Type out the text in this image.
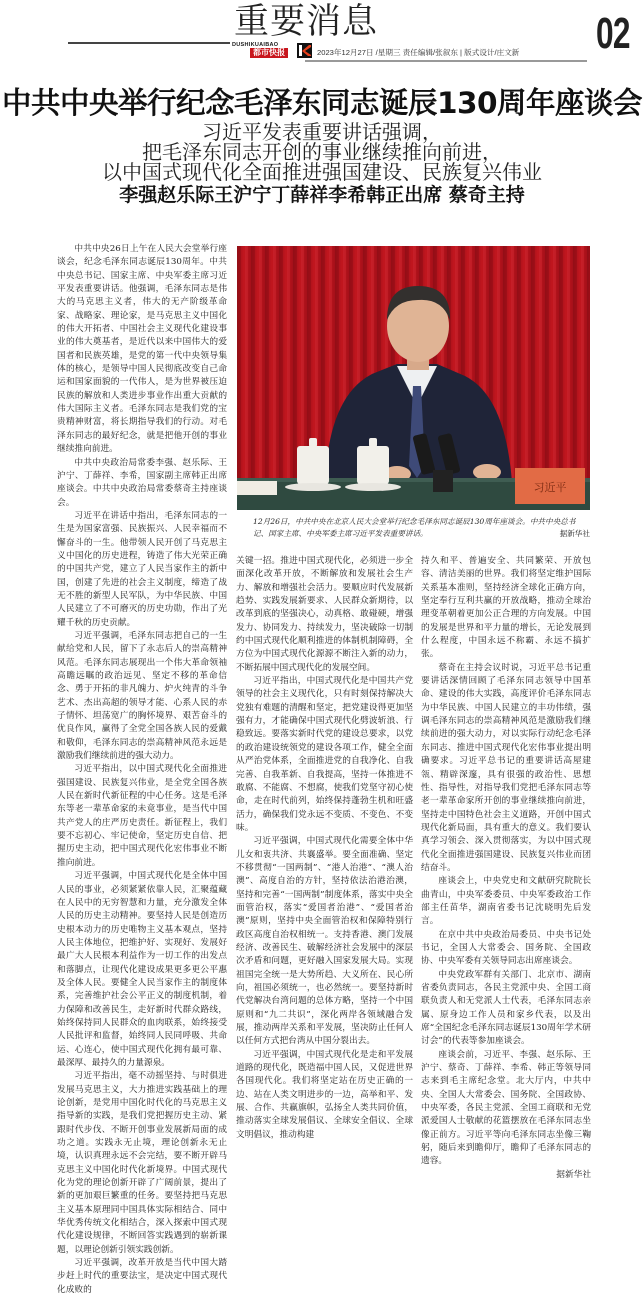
重要消息
DUSHIKUAIBAO
都市快报	2023年12月27日 /星期三 责任编辑/张叙东 | 版式设计/庄文新 02
中共中央举行纪念毛泽东同志诞辰130周年座谈会
习近平发表重要讲话强调，
把毛泽东同志开创的事业继续推向前进，
以中国式现代化全面推进强国建设、民族复兴伟业
李强赵乐际王沪宁丁薛祥李希韩正出席 蔡奇主持

中共中央26日上午在人民大会堂举行座谈会，纪念毛泽东同志诞辰130周年。中共中央总书记、国家主席、中央军委主席习近平发表重要讲话。他强调，毛泽东同志是伟大的马克思主义者，伟大的无产阶级革命家、战略家、理论家，是马克思主义中国化的伟大开拓者、中国社会主义现代化建设事业的伟大奠基者，是近代以来中国伟大的爱国者和民族英雄，是党的第一代中央领导集体的核心，是领导中国人民彻底改变自己命运和国家面貌的一代伟人，是为世界被压迫民族的解放和人类进步事业作出重大贡献的伟大国际主义者。毛泽东同志是我们党的宝贵精神财富，将长期指导我们的行动。对毛泽东同志的最好纪念，就是把他开创的事业继续推向前进。

中共中央政治局常委李强、赵乐际、王沪宁、丁薛祥、李希，国家副主席韩正出席座谈会。中共中央政治局常委蔡奇主持座谈会。

习近平在讲话中指出，毛泽东同志的一生是为国家富强、民族振兴、人民幸福而不懈奋斗的一生。他带领人民开创了马克思主义中国化的历史进程，铸造了伟大光荣正确的中国共产党，建立了人民当家作主的新中国，创建了先进的社会主义制度，缔造了战无不胜的新型人民军队，为中华民族、中国人民建立了不可磨灭的历史功勋，作出了光耀千秋的历史贡献。

习近平强调，毛泽东同志把自己的一生献给党和人民，留下了永志后人的崇高精神风范。毛泽东同志展现出一个伟大革命领袖高瞻远瞩的政治远见、坚定不移的革命信念、勇于开拓的非凡魄力、炉火纯青的斗争艺术、杰出高超的领导才能、心系人民的赤子情怀、坦荡宽广的胸怀境界、艰苦奋斗的优良作风，赢得了全党全国各族人民的爱戴和敬仰，毛泽东同志的崇高精神风范永远是激励我们继续前进的强大动力。

习近平指出，以中国式现代化全面推进强国建设、民族复兴伟业，是全党全国各族人民在新时代新征程的中心任务。这是毛泽东等老一辈革命家的未竟事业，是当代中国共产党人的庄严历史责任。新征程上，我们要不忘初心、牢记使命，坚定历史自信、把握历史主动，把中国式现代化宏伟事业不断推向前进。

习近平强调，中国式现代化是全体中国人民的事业，必须紧紧依靠人民，汇聚蕴藏在人民中的无穷智慧和力量，充分激发全体人民的历史主动精神。要坚持人民是创造历史根本动力的历史唯物主义基本观点，坚持人民主体地位，把维护好、实现好、发展好最广大人民根本利益作为一切工作的出发点和落脚点，让现代化建设成果更多更公平惠及全体人民。要健全人民当家作主的制度体系，完善维护社会公平正义的制度机制，着力保障和改善民生，走好新时代群众路线，始终保持同人民群众的血肉联系，始终接受人民批评和监督，始终同人民同呼吸、共命运、心连心，使中国式现代化拥有最可靠、最深厚、最持久的力量源泉。

习近平指出，毫不动摇坚持、与时俱进发展马克思主义，大力推进实践基础上的理论创新，是党用中国化时代化的马克思主义指导新的实践，是我们党把握历史主动、紧跟时代步伐、不断开创事业发展新局面的成功之道。实践永无止境，理论创新永无止境，认识真理永远不会完结，要不断开辟马克思主义中国化时代化新境界。中国式现代化为党的理论创新开辟了广阔前景，提出了新的更加艰巨繁重的任务。要坚持把马克思主义基本原理同中国具体实际相结合、同中华优秀传统文化相结合，深入探索中国式现代化建设规律，不断回答实践遇到的崭新课题，以理论创新引领实践创新。

习近平强调，改革开放是当代中国大踏步赶上时代的重要法宝，是决定中国式现代化成败的

习近平
12月26日，中共中央在北京人民大会堂举行纪念毛泽东同志诞辰130周年座谈会。中共中央总书记、国家主席、中央军委主席习近平发表重要讲话。	据新华社

关键一招。推进中国式现代化，必须进一步全面深化改革开放，不断解放和发展社会生产力、解放和增强社会活力。要顺应时代发展新趋势、实践发展新要求、人民群众新期待，以改革到底的坚强决心，动真格、敢碰硬，增强发力、协同发力、持续发力，坚决破除一切制约中国式现代化顺利推进的体制机制障碍，全方位为中国式现代化源源不断注入新的动力，不断拓展中国式现代化的发展空间。

习近平指出，中国式现代化是中国共产党领导的社会主义现代化，只有时刻保持解决大党独有难题的清醒和坚定，把党建设得更加坚强有力，才能确保中国式现代化劈波斩浪、行稳致远。要落实新时代党的建设总要求，以党的政治建设统领党的建设各项工作，健全全面从严治党体系，全面推进党的自我净化、自我完善、自我革新、自我提高，坚持一体推进不敢腐、不能腐、不想腐，使我们党坚守初心使命，走在时代前列，始终保持蓬勃生机和旺盛活力，确保我们党永远不变质、不变色、不变味。

习近平强调，中国式现代化需要全体中华儿女和衷共济、共襄盛举。要全面准确、坚定不移贯彻“一国两制”、“港人治港”、“澳人治澳”、高度自治的方针，坚持依法治港治澳，坚持和完善“一国两制”制度体系，落实中央全面管治权，落实“爱国者治港”、“爱国者治澳”原则，坚持中央全面管治权和保障特别行政区高度自治权相统一。支持香港、澳门发展经济、改善民生、破解经济社会发展中的深层次矛盾和问题，更好融入国家发展大局。实现祖国完全统一是大势所趋、大义所在、民心所向，祖国必须统一，也必然统一。要坚持新时代党解决台湾问题的总体方略，坚持一个中国原则和“九二共识”，深化两岸各领域融合发展，推动两岸关系和平发展，坚决防止任何人以任何方式把台湾从中国分裂出去。

习近平强调，中国式现代化是走和平发展道路的现代化，既造福中国人民，又促进世界各国现代化。我们将坚定站在历史正确的一边、站在人类文明进步的一边，高举和平、发展、合作、共赢旗帜，弘扬全人类共同价值，推动落实全球发展倡议、全球安全倡议、全球文明倡议，推动构建

持久和平、普遍安全、共同繁荣、开放包容、清洁美丽的世界。我们将坚定维护国际关系基本准则，坚持经济全球化正确方向，坚定奉行互利共赢的开放战略，推动全球治理变革朝着更加公正合理的方向发展。中国的发展是世界和平力量的增长，无论发展到什么程度，中国永远不称霸、永远不搞扩张。

蔡奇在主持会议时说，习近平总书记重要讲话深情回顾了毛泽东同志领导中国革命、建设的伟大实践，高度评价毛泽东同志为中华民族、中国人民建立的丰功伟绩，强调毛泽东同志的崇高精神风范是激励我们继续前进的强大动力，对以实际行动纪念毛泽东同志、推进中国式现代化宏伟事业提出明确要求。习近平总书记的重要讲话高屋建瓴、精辟深邃，具有很强的政治性、思想性、指导性，对指导我们党把毛泽东同志等老一辈革命家所开创的事业继续推向前进，坚持走中国特色社会主义道路，开创中国式现代化新局面，具有重大的意义。我们要认真学习领会、深入贯彻落实，为以中国式现代化全面推进强国建设、民族复兴伟业而团结奋斗。

座谈会上，中央党史和文献研究院院长曲青山，中央军委委员、中央军委政治工作部主任苗华，湖南省委书记沈晓明先后发言。

在京中共中央政治局委员、中央书记处书记，全国人大常委会、国务院、全国政协、中央军委有关领导同志出席座谈会。

中央党政军群有关部门、北京市、湖南省委负责同志，各民主党派中央、全国工商联负责人和无党派人士代表，毛泽东同志亲属、原身边工作人员和家乡代表，以及出席“全国纪念毛泽东同志诞辰130周年学术研讨会”的代表等参加座谈会。

座谈会前，习近平、李强、赵乐际、王沪宁、蔡奇、丁薛祥、李希、韩正等领导同志来到毛主席纪念堂。北大厅内，中共中央、全国人大常委会、国务院、全国政协、中央军委，各民主党派、全国工商联和无党派爱国人士敬献的花篮摆放在毛泽东同志坐像正前方。习近平等向毛泽东同志坐像三鞠躬，随后来到瞻仰厅，瞻仰了毛泽东同志的遗容。

据新华社
